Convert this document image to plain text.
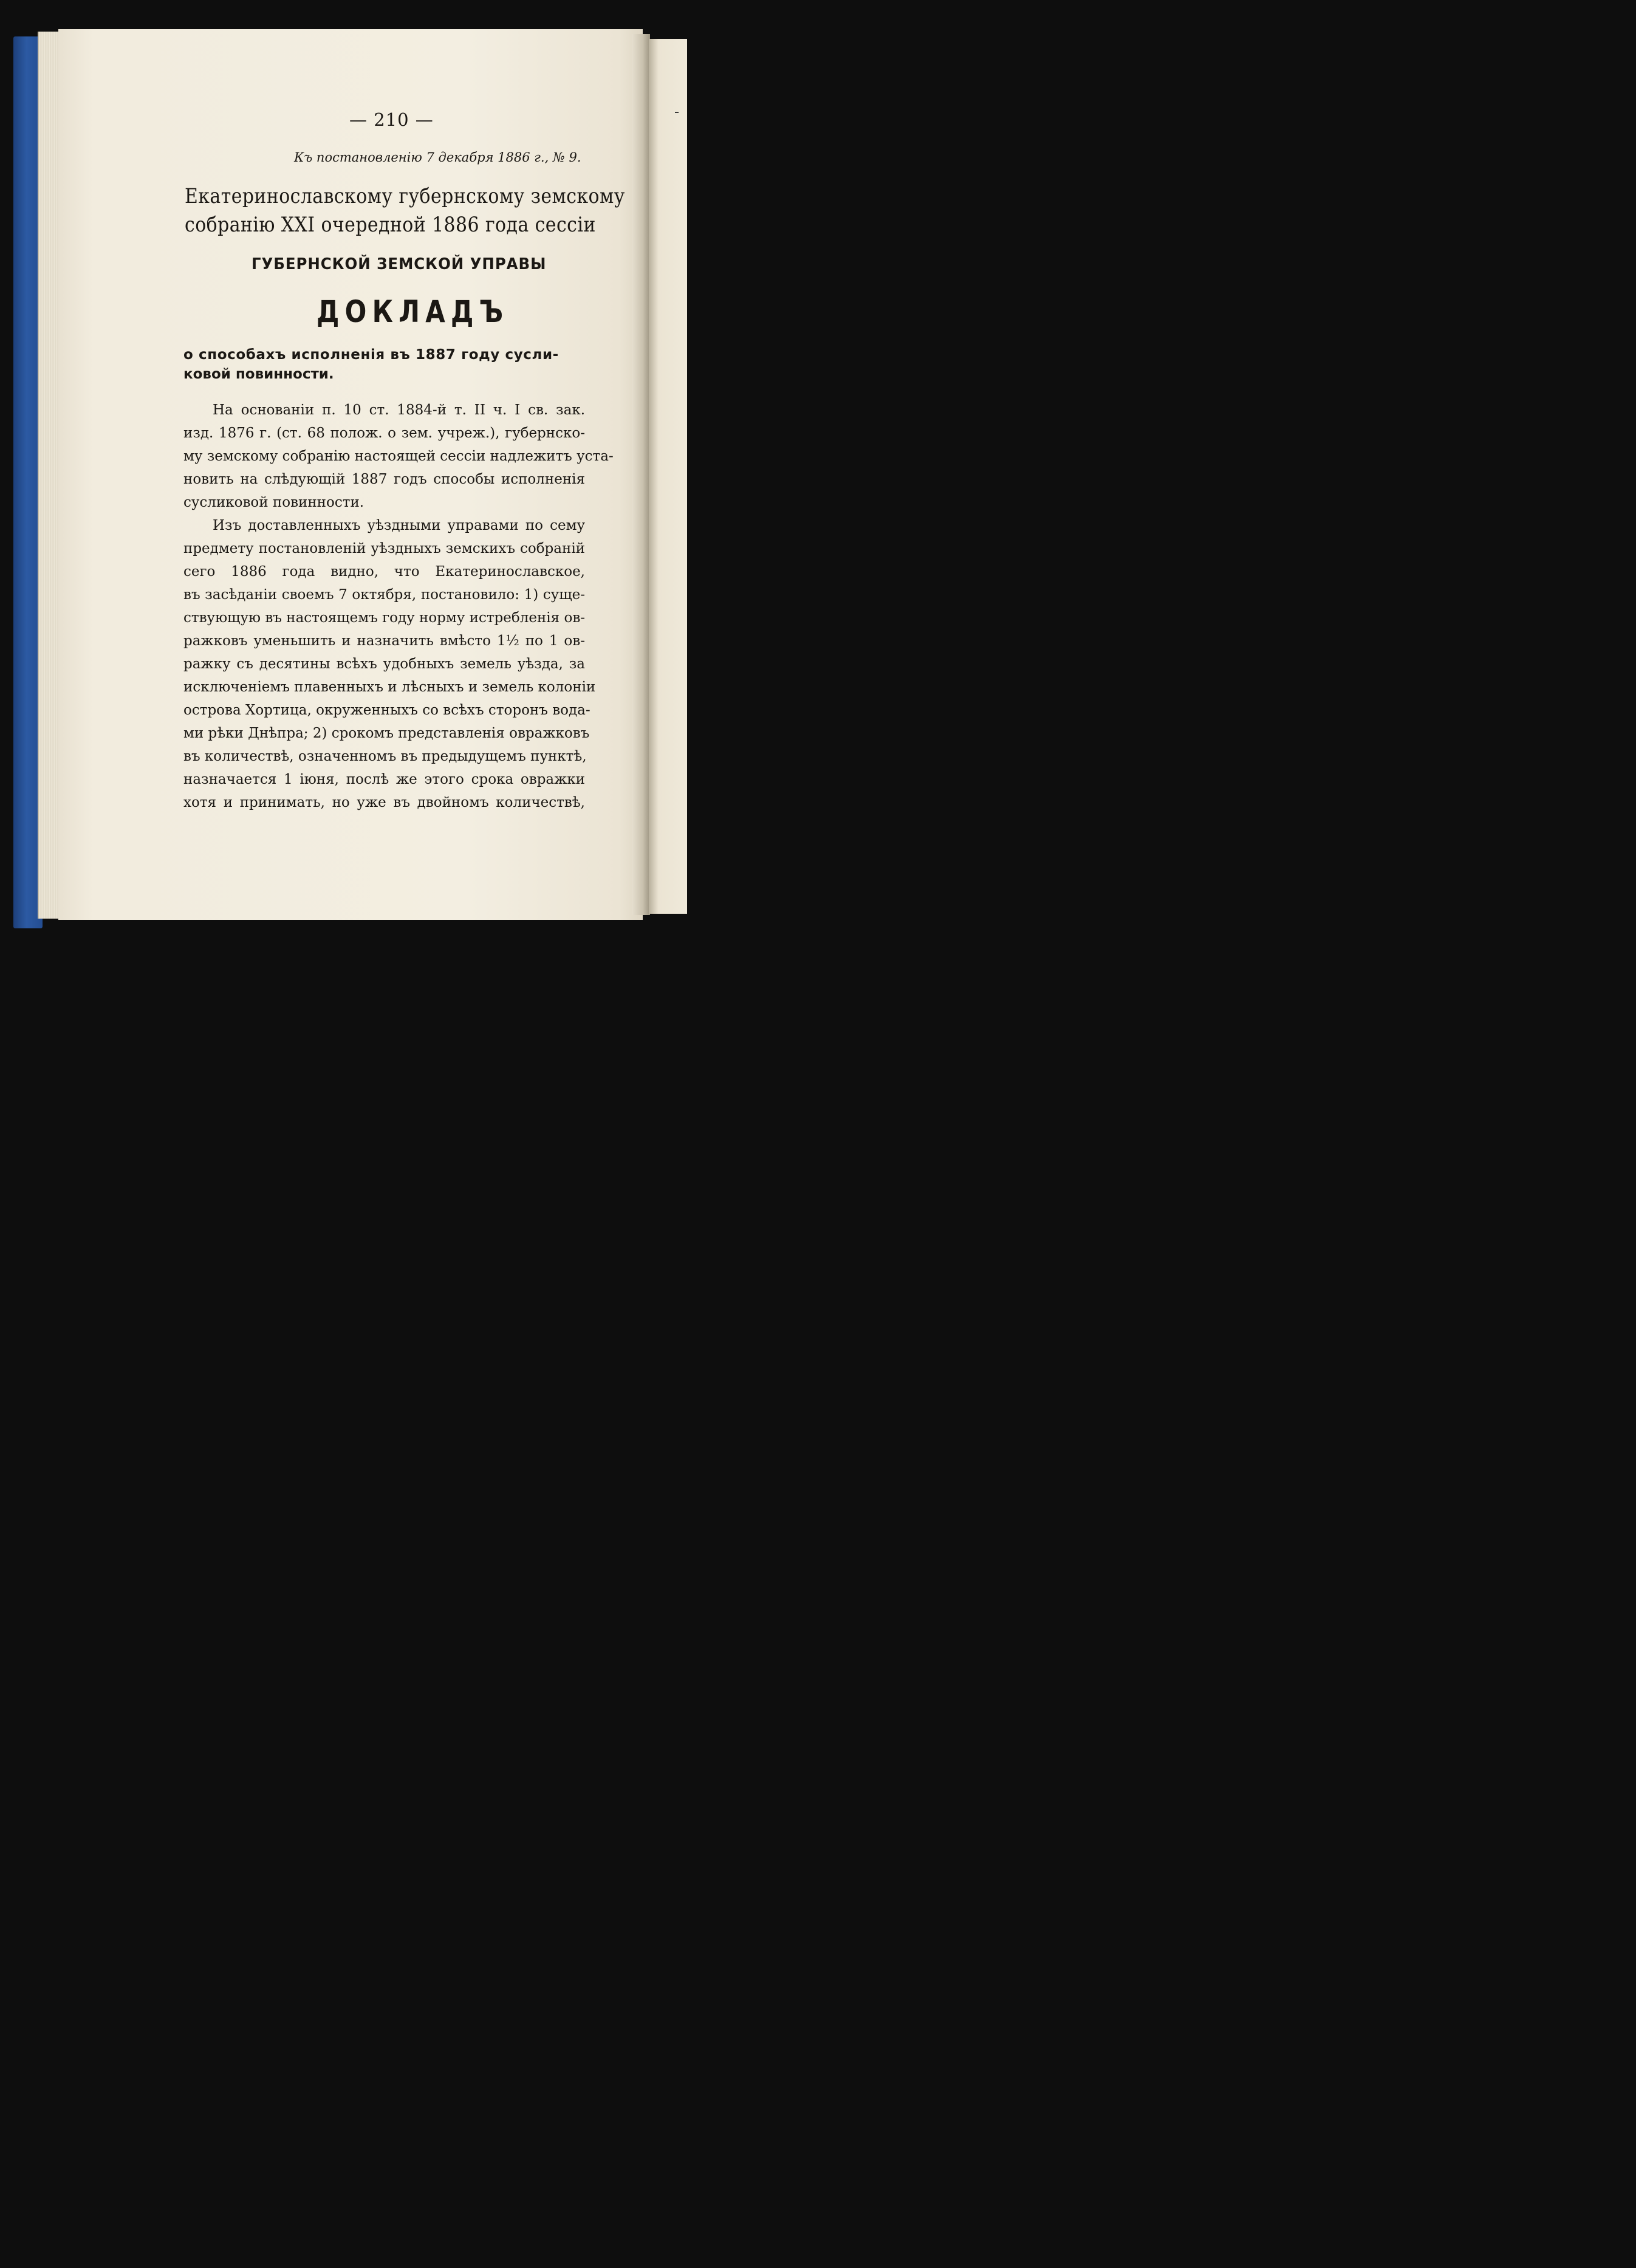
— 210 —
Къ постановленію 7 декабря 1886 г., № 9.
Екатеринославскому губернскому земскому
собранію XXI очередной 1886 года сессіи
ГУБЕРНСКОЙ ЗЕМСКОЙ УПРАВЫ
ДОКЛАДЪ
о способахъ исполненія въ 1887 году сусли-
ковой повинности.
На основаніи п. 10 ст. 1884-й т. II ч. I св. зак.
изд. 1876 г. (ст. 68 полож. о зем. учреж.), губернско-
му земскому собранію настоящей сессіи надлежитъ уста-
новить на слѣдующій 1887 годъ способы исполненія
сусликовой повинности.
Изъ доставленныхъ уѣздными управами по сему
предмету постановленій уѣздныхъ земскихъ собраній
сего 1886 года видно, что Екатеринославское,
въ засѣданіи своемъ 7 октября, постановило: 1) суще-
ствующую въ настоящемъ году норму истребленія ов-
ражковъ уменьшить и назначить вмѣсто 1½ по 1 ов-
ражку съ десятины всѣхъ удобныхъ земель уѣзда, за
исключеніемъ плавенныхъ и лѣсныхъ и земель колоніи
острова Хортица, окруженныхъ со всѣхъ сторонъ вода-
ми рѣки Днѣпра; 2) срокомъ представленія овражковъ
въ количествѣ, означенномъ въ предыдущемъ пунктѣ,
назначается 1 іюня, послѣ же этого срока овражки
хотя и принимать, но уже въ двойномъ количествѣ,
